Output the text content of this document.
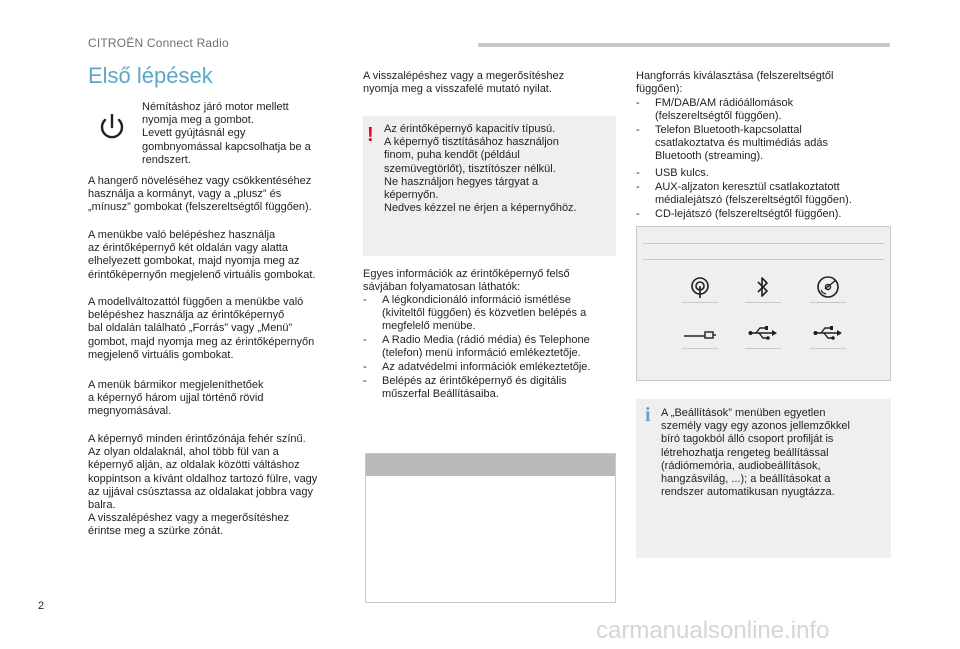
CITROËN Connect Radio
Első lépések
Némításhoz járó motor mellett
nyomja meg a gombot.
Levett gyújtásnál egy
gombnyomással kapcsolhatja be a
rendszert.
A hangerő növeléséhez vagy csökkentéséhez
használja a kormányt, vagy a „plusz” és
„mínusz” gombokat (felszereltségtől függően).
A menükbe való belépéshez használja
az érintőképernyő két oldalán vagy alatta
elhelyezett gombokat, majd nyomja meg az
érintőképernyőn megjelenő virtuális gombokat.
A modellváltozattól függően a menükbe való
belépéshez használja az érintőképernyő
bal oldalán található „Forrás” vagy „Menü”
gombot, majd nyomja meg az érintőképernyőn
megjelenő virtuális gombokat.
A menük bármikor megjeleníthetőek
a képernyő három ujjal történő rövid
megnyomásával.
A képernyő minden érintőzónája fehér színű.
Az olyan oldalaknál, ahol több fül van a
képernyő alján, az oldalak közötti váltáshoz
koppintson a kívánt oldalhoz tartozó fülre, vagy
az ujjával csúsztassa az oldalakat jobbra vagy
balra.
A visszalépéshez vagy a megerősítéshez
érintse meg a szürke zónát.
A visszalépéshez vagy a megerősítéshez
nyomja meg a visszafelé mutató nyilat.
! Az érintőképernyő kapacitív típusú.
A képernyő tisztításához használjon
finom, puha kendőt (például
szemüvegtörlőt), tisztítószer nélkül.
Ne használjon hegyes tárgyat a
képernyőn.
Nedves kézzel ne érjen a képernyőhöz.
Egyes információk az érintőképernyő felső
sávjában folyamatosan láthatók:
- A légkondicionáló információ ismétlése
(kiviteltől függően) és közvetlen belépés a
megfelelő menübe.
- A Radio Media (rádió média) és Telephone
(telefon) menü információ emlékeztetője.
- Az adatvédelmi információk emlékeztetője.
- Belépés az érintőképernyő és digitális
műszerfal Beállításaiba.
Hangforrás kiválasztása (felszereltségtől
függően):
- FM/DAB/AM rádióállomások
(felszereltségtől függően).
- Telefon Bluetooth-kapcsolattal
csatlakoztatva és multimédiás adás
Bluetooth (streaming).
- USB kulcs.
- AUX-aljzaton keresztül csatlakoztatott
médialejátszó (felszereltségtől függően).
- CD-lejátszó (felszereltségtől függően).
i A „Beállítások” menüben egyetlen
személy vagy egy azonos jellemzőkkel
bíró tagokból álló csoport profilját is
létrehozhatja rengeteg beállítással
(rádiómemória, audiobeállítások,
hangzásvilág, ...); a beállításokat a
rendszer automatikusan nyugtázza.
2
carmanualsonline.info
